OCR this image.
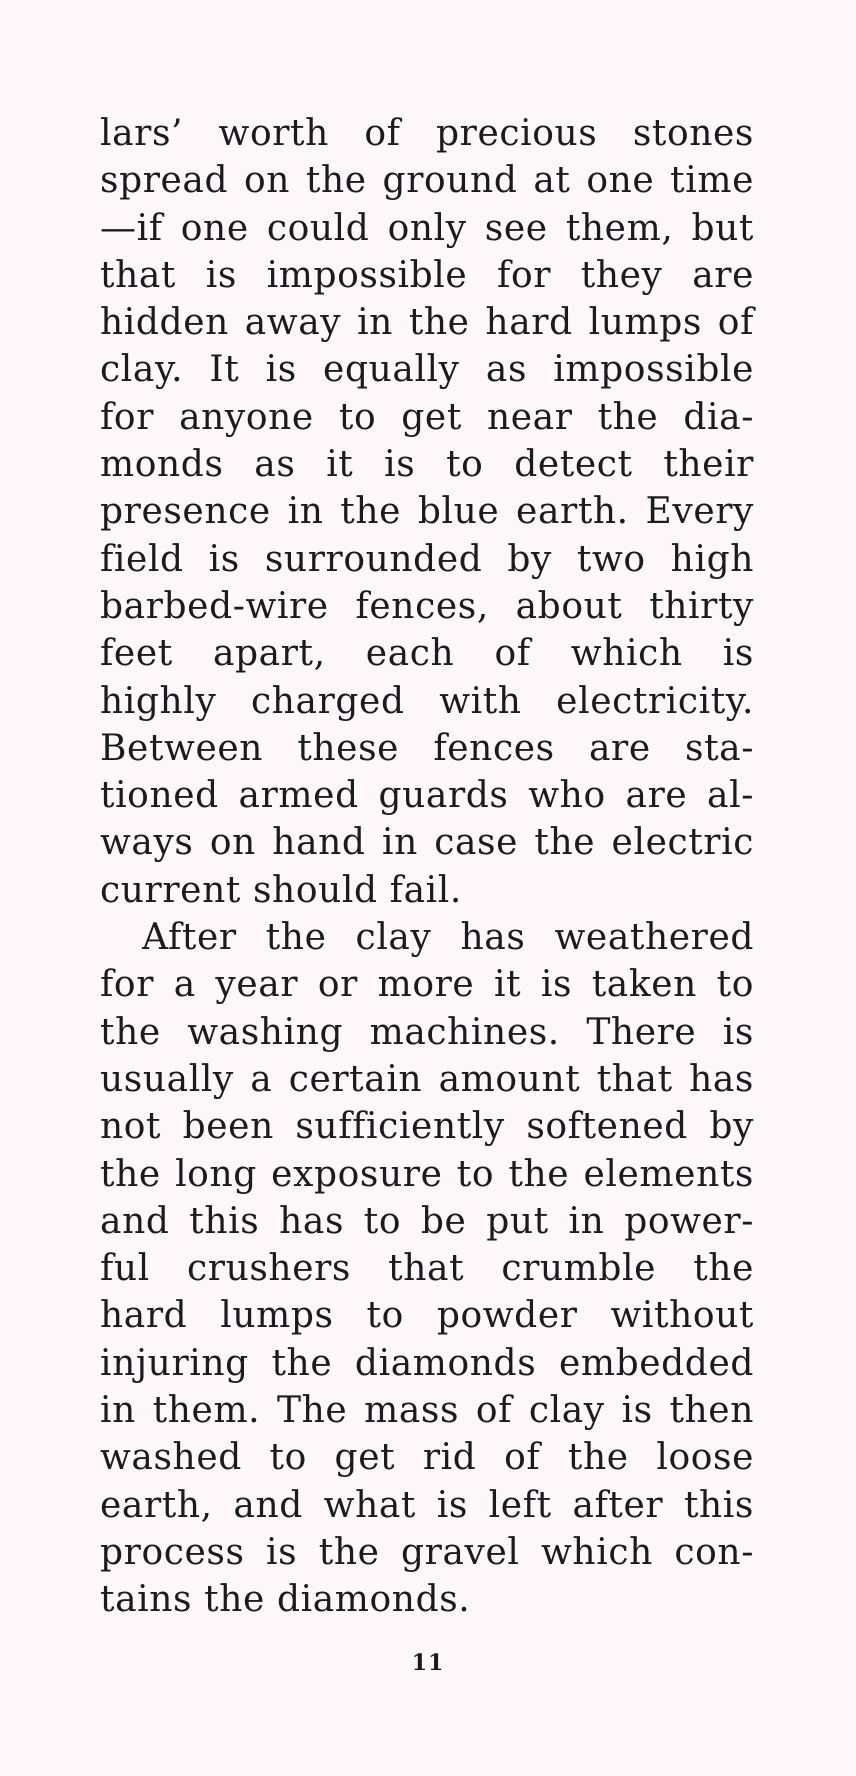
lars’ worth of precious stones
spread on the ground at one time
—if one could only see them, but
that is impossible for they are
hidden away in the hard lumps of
clay. It is equally as impossible
for anyone to get near the dia-
monds as it is to detect their
presence in the blue earth. Every
field is surrounded by two high
barbed-wire fences, about thirty
feet apart, each of which is
highly charged with electricity.
Between these fences are sta-
tioned armed guards who are al-
ways on hand in case the electric
current should fail.
After the clay has weathered
for a year or more it is taken to
the washing machines. There is
usually a certain amount that has
not been sufficiently softened by
the long exposure to the elements
and this has to be put in power-
ful crushers that crumble the
hard lumps to powder without
injuring the diamonds embedded
in them. The mass of clay is then
washed to get rid of the loose
earth, and what is left after this
process is the gravel which con-
tains the diamonds.
11
